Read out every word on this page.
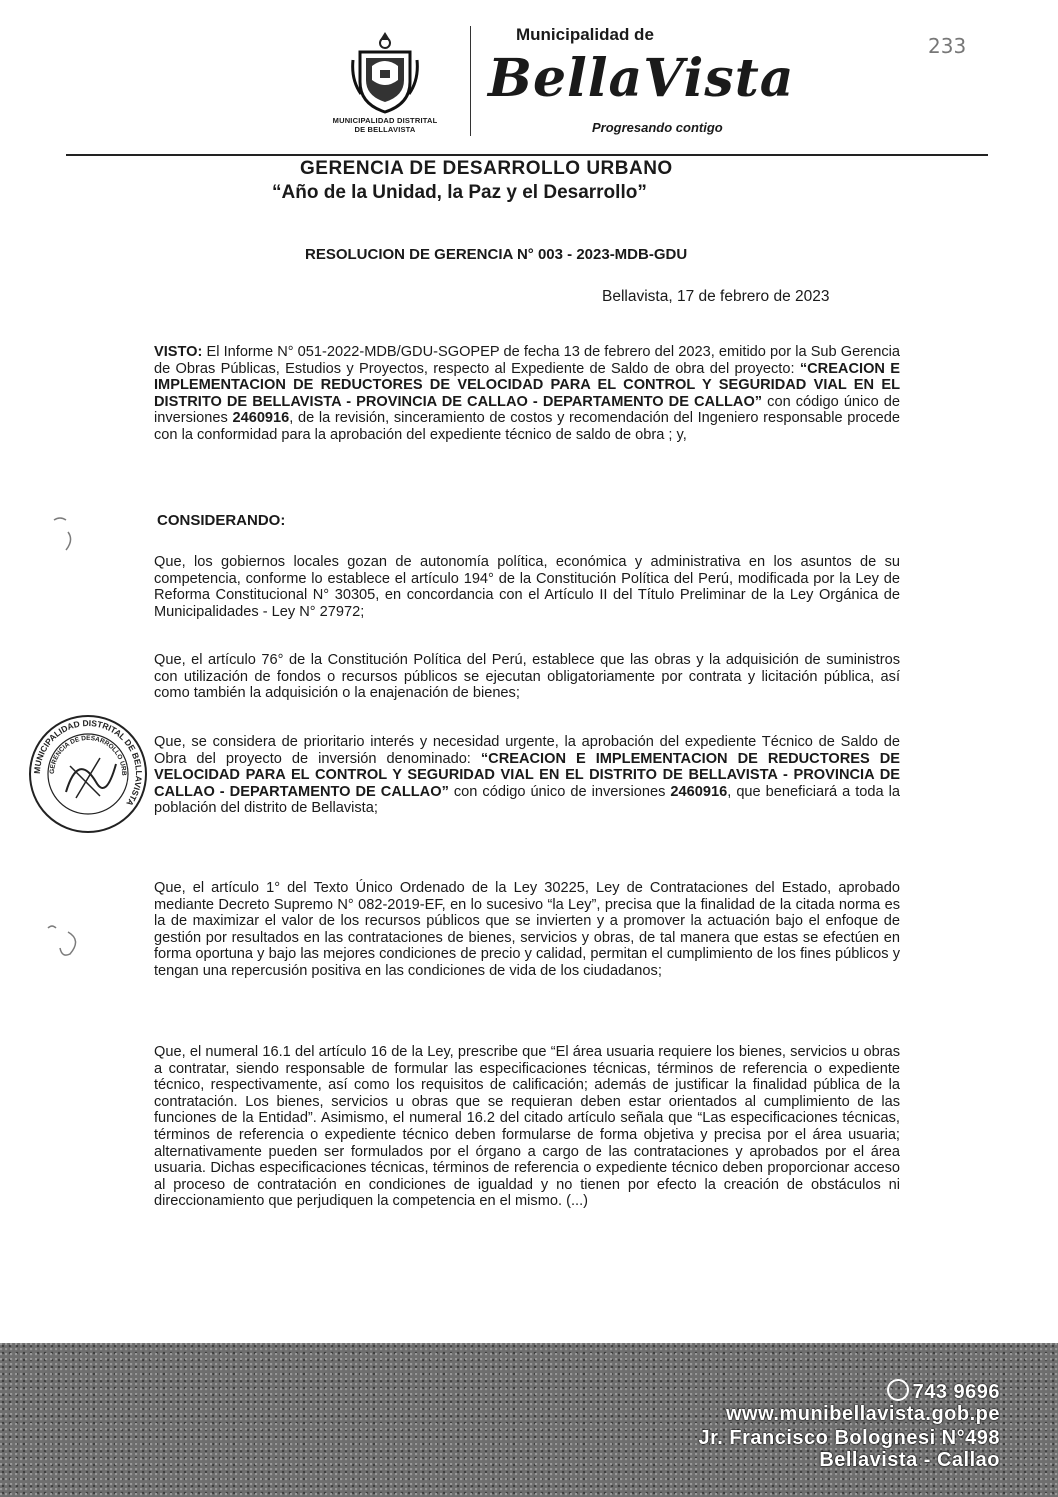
233
MUNICIPALIDAD DISTRITAL
DE BELLAVISTA
Municipalidad de
BellaVista
Progresando contigo
GERENCIA DE DESARROLLO URBANO
“Año de la Unidad, la Paz y el Desarrollo”
RESOLUCION DE GERENCIA N° 003 - 2023-MDB-GDU
Bellavista, 17 de febrero de 2023
VISTO: El Informe N° 051-2022-MDB/GDU-SGOPEP de fecha 13 de febrero del 2023, emitido por la Sub Gerencia de Obras Públicas, Estudios y Proyectos, respecto al Expediente de Saldo de obra del proyecto: “CREACION E IMPLEMENTACION DE REDUCTORES DE VELOCIDAD PARA EL CONTROL Y SEGURIDAD VIAL EN EL DISTRITO DE BELLAVISTA - PROVINCIA DE CALLAO - DEPARTAMENTO DE CALLAO” con código único de inversiones 2460916, de la revisión, sinceramiento de costos y recomendación del Ingeniero responsable procede con la conformidad para la aprobación del expediente técnico de saldo de obra ; y,
CONSIDERANDO:
Que, los gobiernos locales gozan de autonomía política, económica y administrativa en los asuntos de su competencia, conforme lo establece el artículo 194° de la Constitución Política del Perú, modificada por la Ley de Reforma Constitucional N° 30305, en concordancia con el Artículo II del Título Preliminar de la Ley Orgánica de Municipalidades - Ley N° 27972;
Que, el artículo 76° de la Constitución Política del Perú, establece que las obras y la adquisición de suministros con utilización de fondos o recursos públicos se ejecutan obligatoriamente por contrata y licitación pública, así como también la adquisición o la enajenación de bienes;
Que, se considera de prioritario interés y necesidad urgente, la aprobación del expediente Técnico de Saldo de Obra del proyecto de inversión denominado: “CREACION E IMPLEMENTACION DE REDUCTORES DE VELOCIDAD PARA EL CONTROL Y SEGURIDAD VIAL EN EL DISTRITO DE BELLAVISTA - PROVINCIA DE CALLAO - DEPARTAMENTO DE CALLAO” con código único de inversiones 2460916, que beneficiará a toda la población del distrito de Bellavista;
Que, el artículo 1° del Texto Único Ordenado de la Ley 30225, Ley de Contrataciones del Estado, aprobado mediante Decreto Supremo N° 082-2019-EF, en lo sucesivo “la Ley”, precisa que la finalidad de la citada norma es la de maximizar el valor de los recursos públicos que se invierten y a promover la actuación bajo el enfoque de gestión por resultados en las contrataciones de bienes, servicios y obras, de tal manera que estas se efectúen en forma oportuna y bajo las mejores condiciones de precio y calidad, permitan el cumplimiento de los fines públicos y tengan una repercusión positiva en las condiciones de vida de los ciudadanos;
Que, el numeral 16.1 del artículo 16 de la Ley, prescribe que “El área usuaria requiere los bienes, servicios u obras a contratar, siendo responsable de formular las especificaciones técnicas, términos de referencia o expediente técnico, respectivamente, así como los requisitos de calificación; además de justificar la finalidad pública de la contratación. Los bienes, servicios u obras que se requieran deben estar orientados al cumplimiento de las funciones de la Entidad”. Asimismo, el numeral 16.2 del citado artículo señala que “Las especificaciones técnicas, términos de referencia o expediente técnico deben formularse de forma objetiva y precisa por el área usuaria; alternativamente pueden ser formulados por el órgano a cargo de las contrataciones y aprobados por el área usuaria. Dichas especificaciones técnicas, términos de referencia o expediente técnico deben proporcionar acceso al proceso de contratación en condiciones de igualdad y no tienen por efecto la creación de obstáculos ni direccionamiento que perjudiquen la competencia en el mismo. (...)
MUNICIPALIDAD DISTRITAL DE BELLAVISTA
GERENCIA DE DESARROLLO URB
743 9696
www.munibellavista.gob.pe
Jr. Francisco Bolognesi N°498
Bellavista - Callao
